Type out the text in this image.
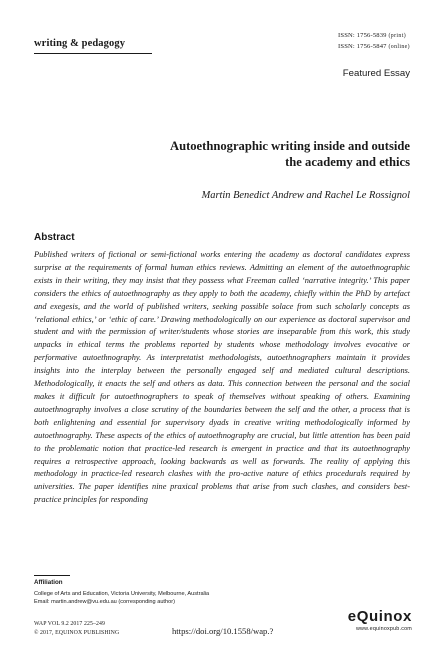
writing & pedagogy
ISSN: 1756-5839 (print)
ISSN: 1756-5847 (online)
Featured Essay
Autoethnographic writing inside and outside
the academy and ethics
Martin Benedict Andrew and Rachel Le Rossignol
Abstract
Published writers of fictional or semi-fictional works entering the academy as doctoral candidates express surprise at the requirements of formal human ethics reviews. Admitting an element of the autoethnographic exists in their writing, they may insist that they possess what Freeman called ‘narrative integrity.’ This paper considers the ethics of autoethnography as they apply to both the academy, chiefly within the PhD by artefact and exegesis, and the world of published writers, seeking possible solace from such scholarly concepts as ‘relational ethics,’ or ‘ethic of care.’ Drawing methodologically on our experience as doctoral supervisor and student and with the permission of writer/students whose stories are inseparable from this work, this study unpacks in ethical terms the problems reported by students whose methodology involves evocative or performative autoethnography. As interpretatist methodologists, autoethnographers maintain it provides insights into the interplay between the personally engaged self and mediated cultural descriptions. Methodologically, it enacts the self and others as data. This connection between the personal and the social makes it difficult for autoethnographers to speak of themselves without speaking of others. Examining autoethnography involves a close scrutiny of the boundaries between the self and the other, a process that is both enlightening and essential for supervisory dyads in creative writing methodologically informed by autoethnography. These aspects of the ethics of autoethnography are crucial, but little attention has been paid to the problematic notion that practice-led research is emergent in practice and that its autoethnography requires a retrospective approach, looking backwards as well as forwards. The reality of applying this methodology in practice-led research clashes with the pro-active nature of ethics procedurals required by universities. The paper identifies nine praxical problems that arise from such clashes, and considers best-practice principles for responding
Affiliation
College of Arts and Education, Victoria University, Melbourne, Australia
Email: martin.andrew@vu.edu.au (corresponding author)
WAP VOL 9.2 2017 225–249
© 2017, EQUINOX PUBLISHING	https://doi.org/10.1558/wap.?
eQuinox
www.equinoxpub.com
